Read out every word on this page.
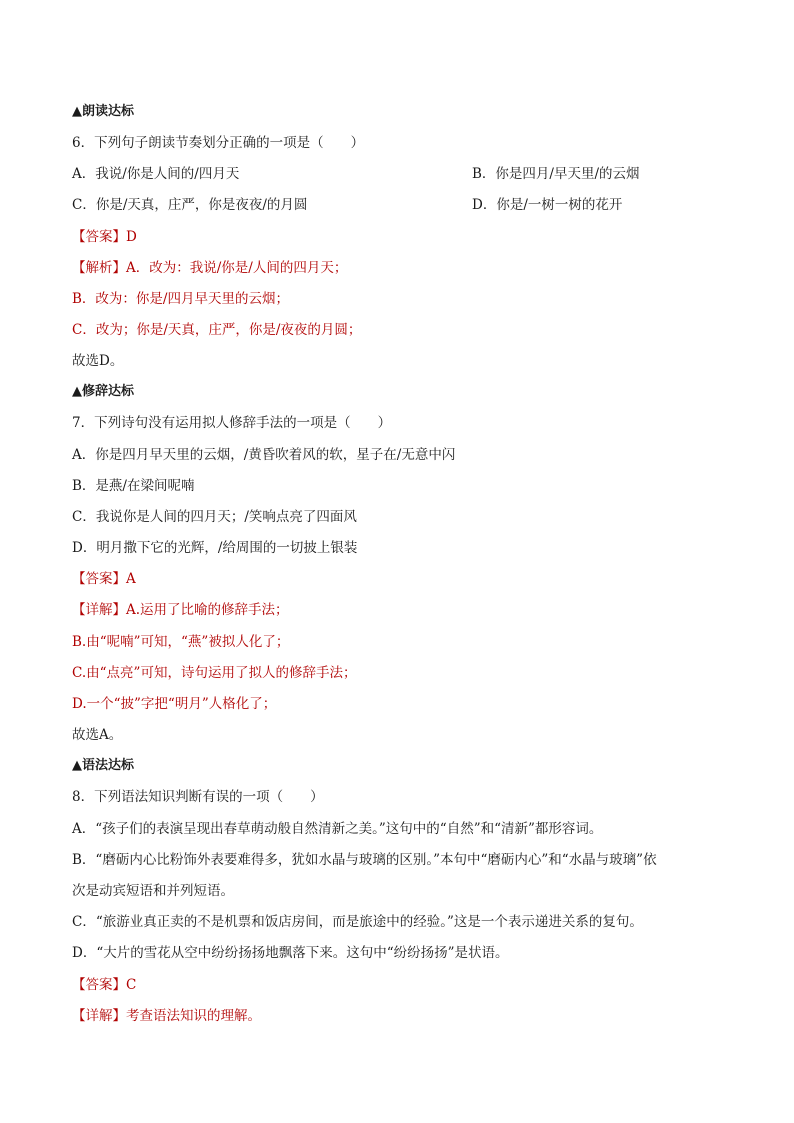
▲朗读达标
6．下列句子朗读节奏划分正确的一项是（　　）
A．我说/你是人间的/四月天	B．你是四月/早天里/的云烟
C．你是/天真，庄严，你是夜夜/的月圆	D．你是/一树一树的花开
【答案】D
【解析】A．改为：我说/你是/人间的四月天；
B．改为：你是/四月早天里的云烟；
C．改为；你是/天真，庄严，你是/夜夜的月圆；
故选D。
▲修辞达标
7．下列诗句没有运用拟人修辞手法的一项是（　　）
A．你是四月早天里的云烟，/黄昏吹着风的软，星子在/无意中闪
B．是燕/在梁间呢喃
C．我说你是人间的四月天；/笑响点亮了四面风
D．明月撒下它的光辉，/给周围的一切披上银装
【答案】A
【详解】A.运用了比喻的修辞手法；
B.由“呢喃”可知，“燕”被拟人化了；
C.由“点亮”可知，诗句运用了拟人的修辞手法；
D.一个“披”字把“明月”人格化了；
故选A。
▲语法达标
8．下列语法知识判断有误的一项（　　）
A．“孩子们的表演呈现出春草萌动般自然清新之美。”这句中的“自然”和“清新”都形容词。
B．“磨砺内心比粉饰外表要难得多，犹如水晶与玻璃的区别。”本句中“磨砺内心”和“水晶与玻璃”依
次是动宾短语和并列短语。
C．“旅游业真正卖的不是机票和饭店房间，而是旅途中的经验。”这是一个表示递进关系的复句。
D．“大片的雪花从空中纷纷扬扬地飘落下来。这句中“纷纷扬扬”是状语。
【答案】C
【详解】考查语法知识的理解。
